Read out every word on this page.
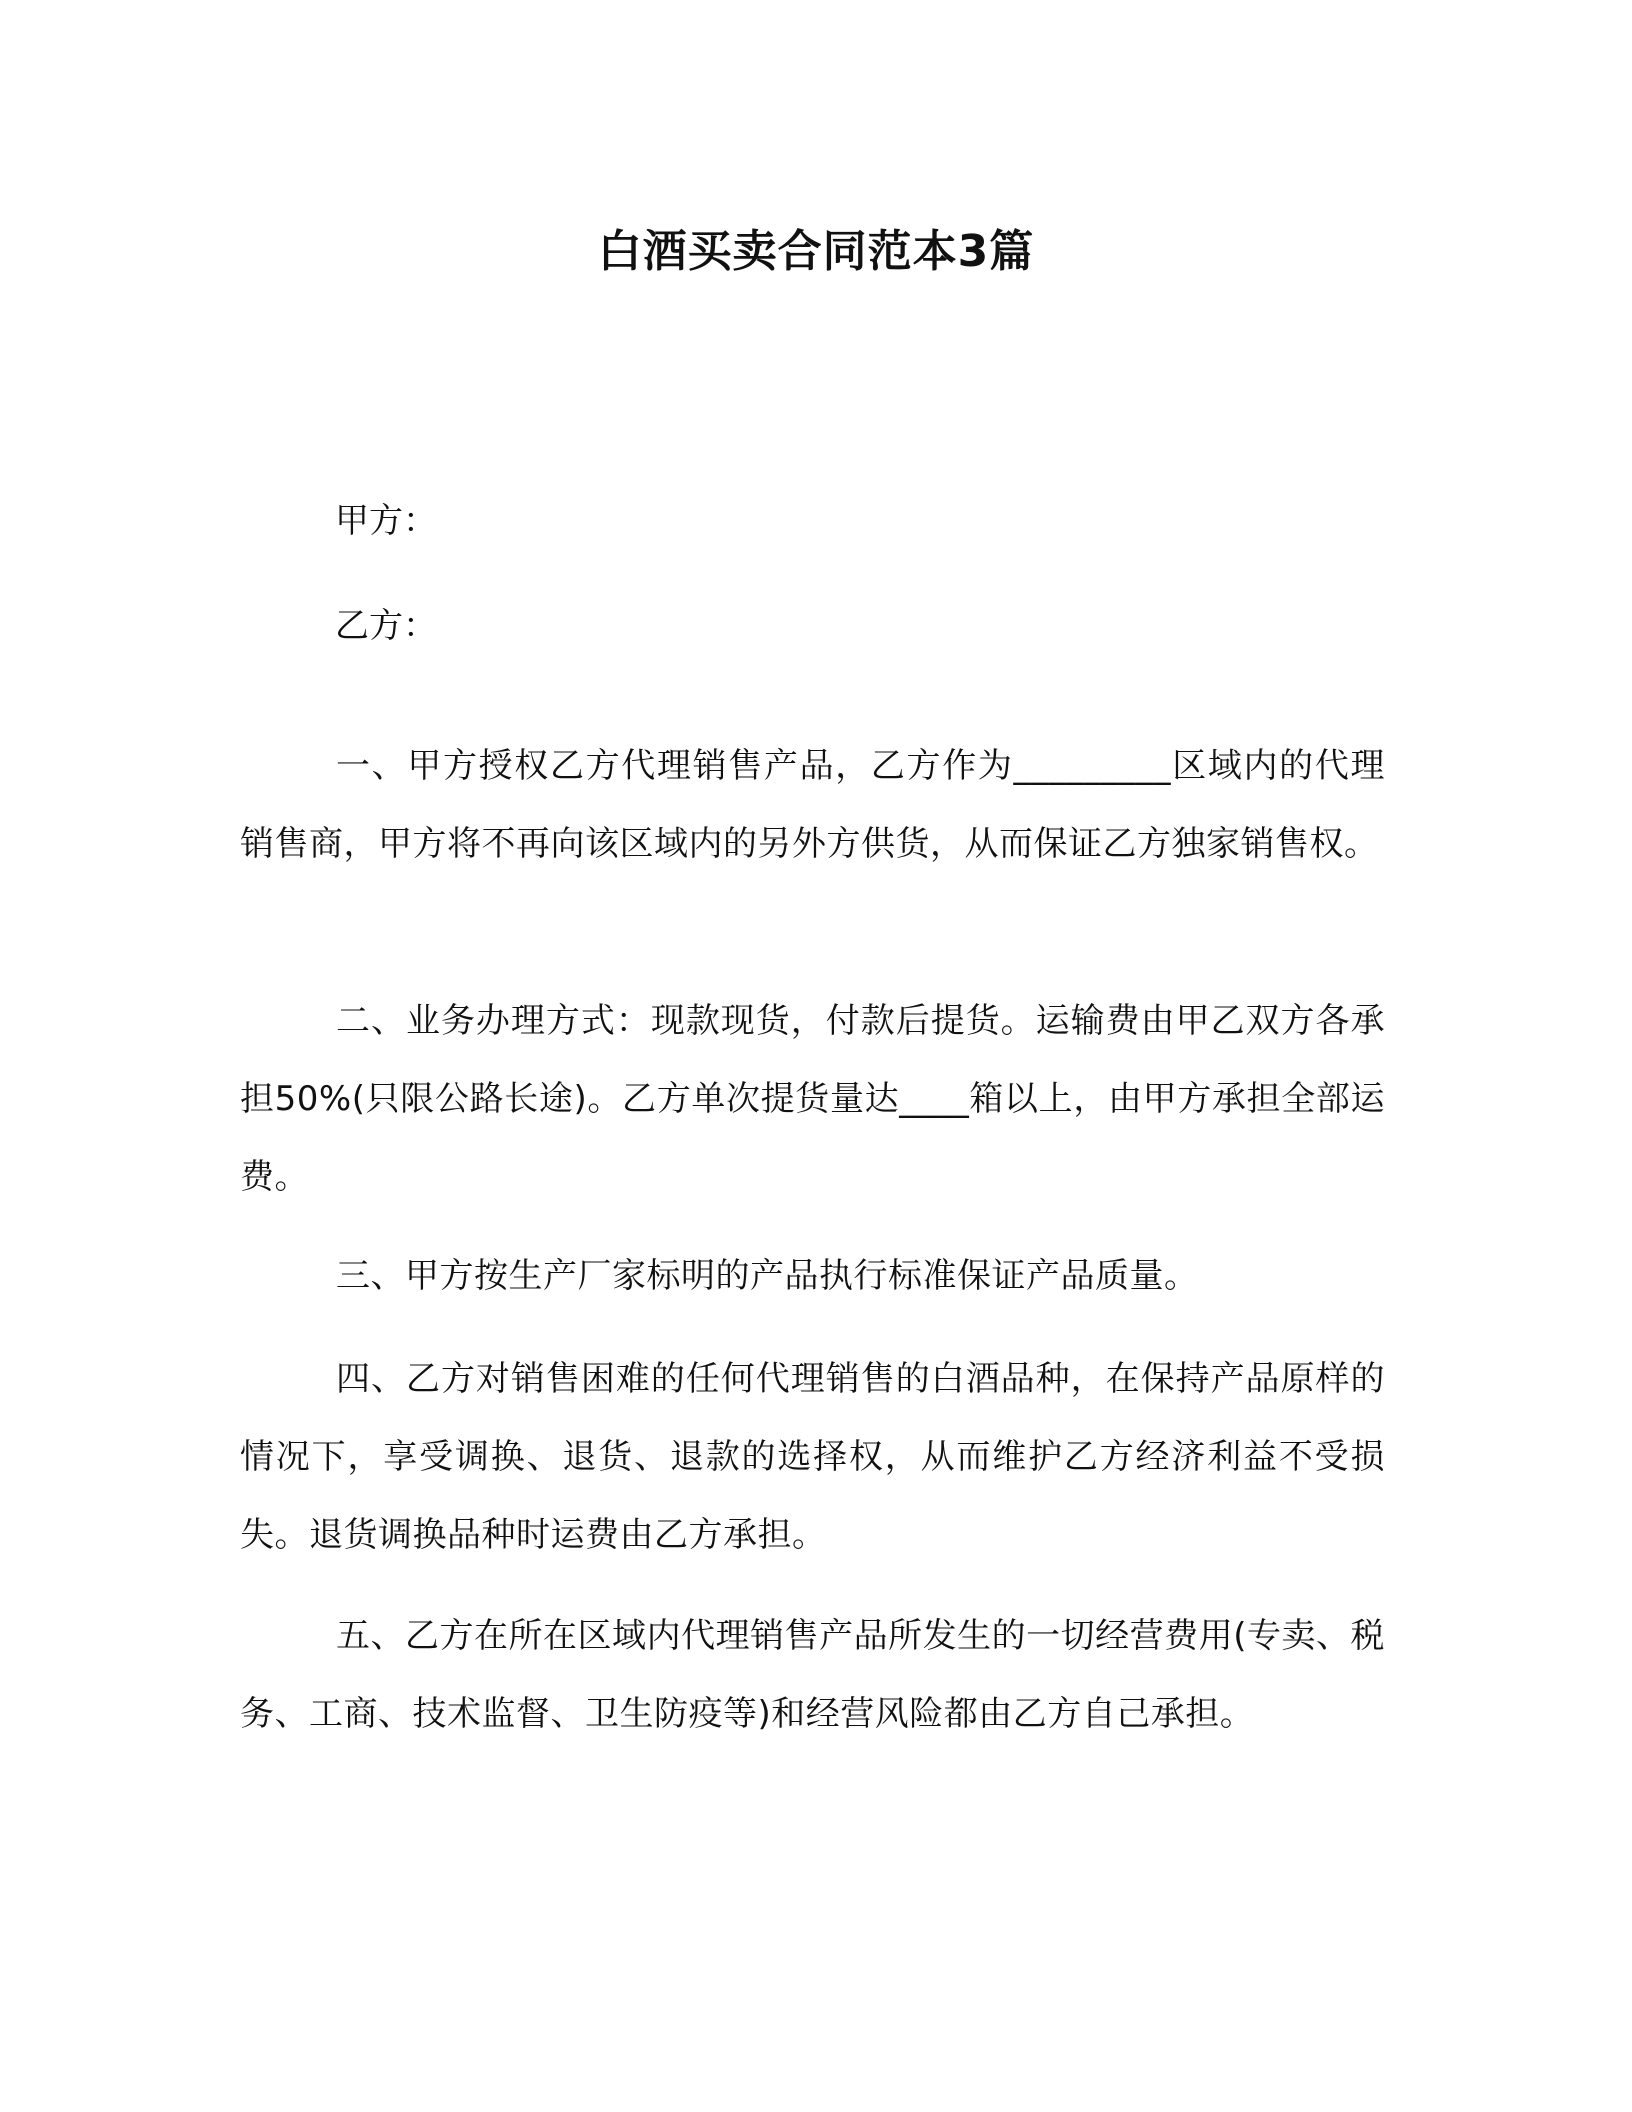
白酒买卖合同范本3篇
甲方：
乙方：

一、甲方授权乙方代理销售产品，乙方作为_________区域内的代理销售商，甲方将不再向该区域内的另外方供货，从而保证乙方独家销售权。

二、业务办理方式：现款现货，付款后提货。运输费由甲乙双方各承担50%(只限公路长途)。乙方单次提货量达____箱以上，由甲方承担全部运费。

三、甲方按生产厂家标明的产品执行标准保证产品质量。

四、乙方对销售困难的任何代理销售的白酒品种，在保持产品原样的情况下，享受调换、退货、退款的选择权，从而维护乙方经济利益不受损失。退货调换品种时运费由乙方承担。

五、乙方在所在区域内代理销售产品所发生的一切经营费用(专卖、税务、工商、技术监督、卫生防疫等)和经营风险都由乙方自己承担。
